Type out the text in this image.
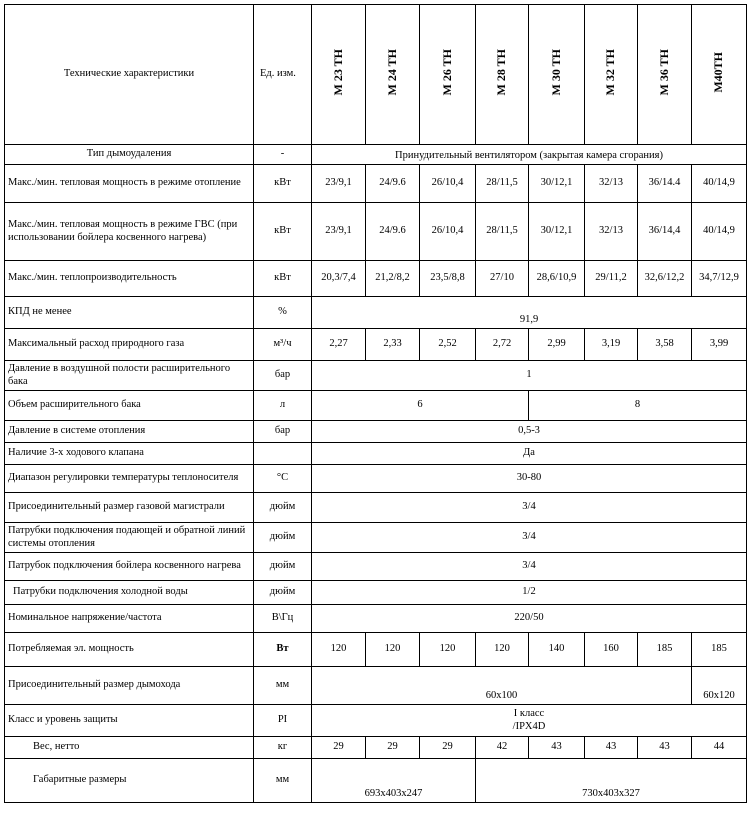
Технические характеристики	Ед. изм.	M 23 TH	M 24 TH	M 26 TH	M 28 TH	M 30 TH	M 32 TH	M 36 TH	M40TH
Тип дымоудаления	-	Принудительный вентилятором (закрытая камера сгорания)							
Макс./мин. тепловая мощность в режиме отопление	кВт	23/9,1	24/9.6	26/10,4	28/11,5	30/12,1	32/13	36/14.4	40/14,9
Макс./мин. тепловая мощность в режиме ГВС (при использовании бойлера косвенного нагрева)	кВт	23/9,1	24/9.6	26/10,4	28/11,5	30/12,1	32/13	36/14,4	40/14,9
Макс./мин. теплопроизводительность	кВт	20,3/7,4	21,2/8,2	23,5/8,8	27/10	28,6/10,9	29/11,2	32,6/12,2	34,7/12,9
КПД не менее	%	91,9							
Максимальный расход природного газа	м³/ч	2,27	2,33	2,52	2,72	2,99	3,19	3,58	3,99
Давление в воздушной полости расширительного бака	бар	1							
Объем расширительного бака	л	6				8			
Давление в системе отопления	бар	0,5-3							
Наличие 3-х ходового клапана		Да							
Диапазон регулировки температуры теплоносителя	°C	30-80							
Присоединительный размер газовой магистрали	дюйм	3/4							
Патрубки подключения подающей и обратной линий системы отопления	дюйм	3/4							
Патрубок подключения бойлера косвенного нагрева	дюйм	3/4							
Патрубки подключения холодной воды	дюйм	1/2							
Номинальное напряжение/частота	В\Гц	220/50							
Потребляемая эл. мощность	Вт	120	120	120	120	140	160	185	185
Присоединительный размер дымохода	мм	60x100							60x120
Класс и уровень защиты	PI	I класс /IPX4D							
Вес, нетто	кг	29	29	29	42	43	43	43	44
Габаритные размеры	мм	693x403x247			730x403x327				
